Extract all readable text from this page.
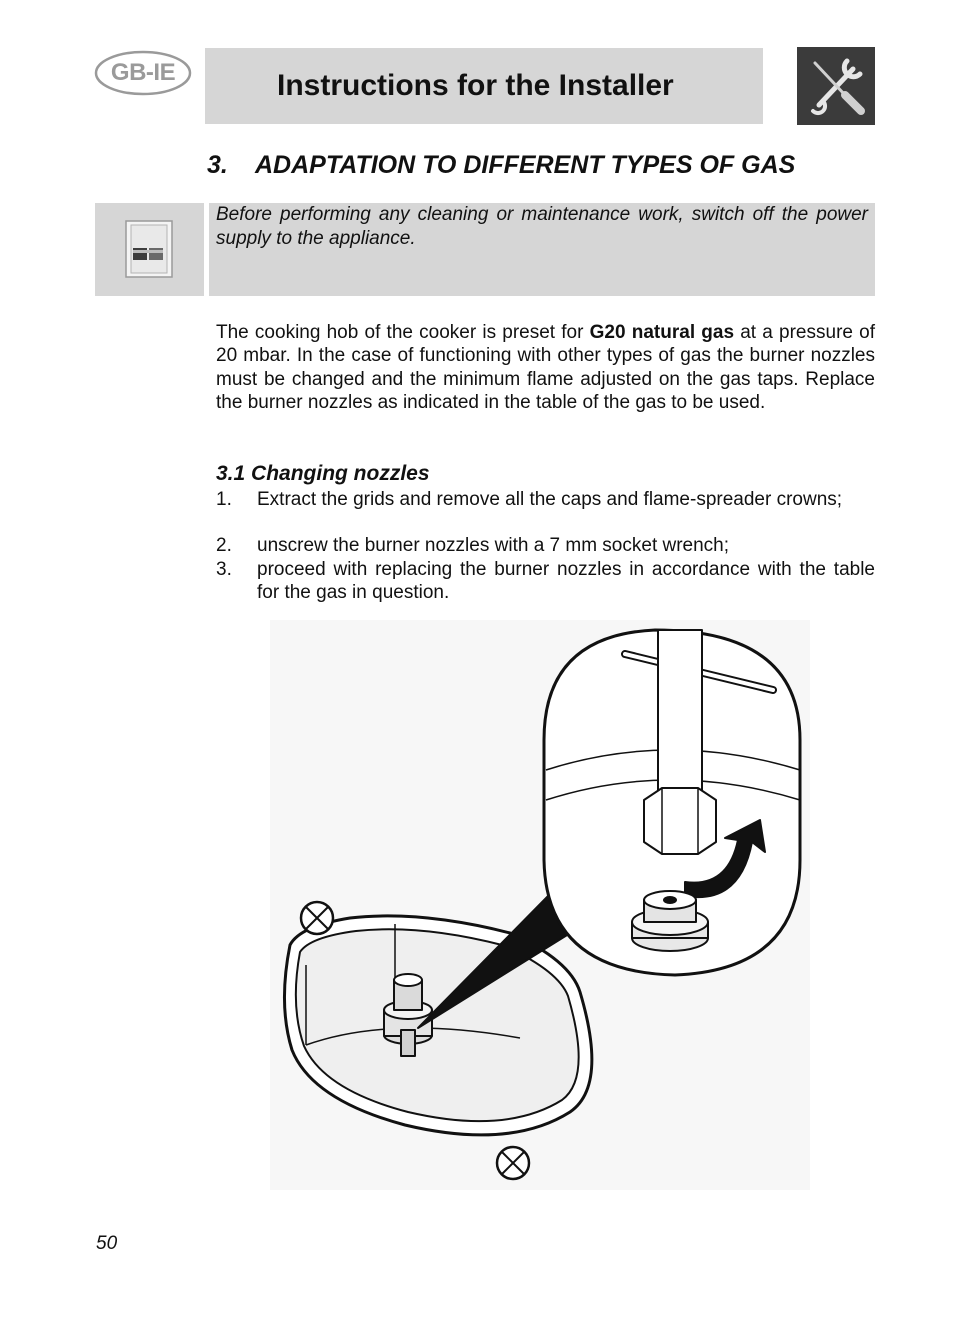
GB-IE	Instructions for the Installer
3.	ADAPTATION TO DIFFERENT TYPES OF GAS
Before performing any cleaning or maintenance work, switch off the power supply to the appliance.
The cooking hob of the cooker is preset for G20 natural gas at a pressure of 20 mbar. In the case of functioning with other types of gas the burner nozzles must be changed and the minimum flame adjusted on the gas taps. Replace the burner nozzles as indicated in the table of the gas to be used.
3.1 Changing nozzles
1.	Extract the grids and remove all the caps and flame-spreader crowns;
2.	unscrew the burner nozzles with a 7 mm socket wrench;
3.	proceed with replacing the burner nozzles in accordance with the table for the gas in question.
50
